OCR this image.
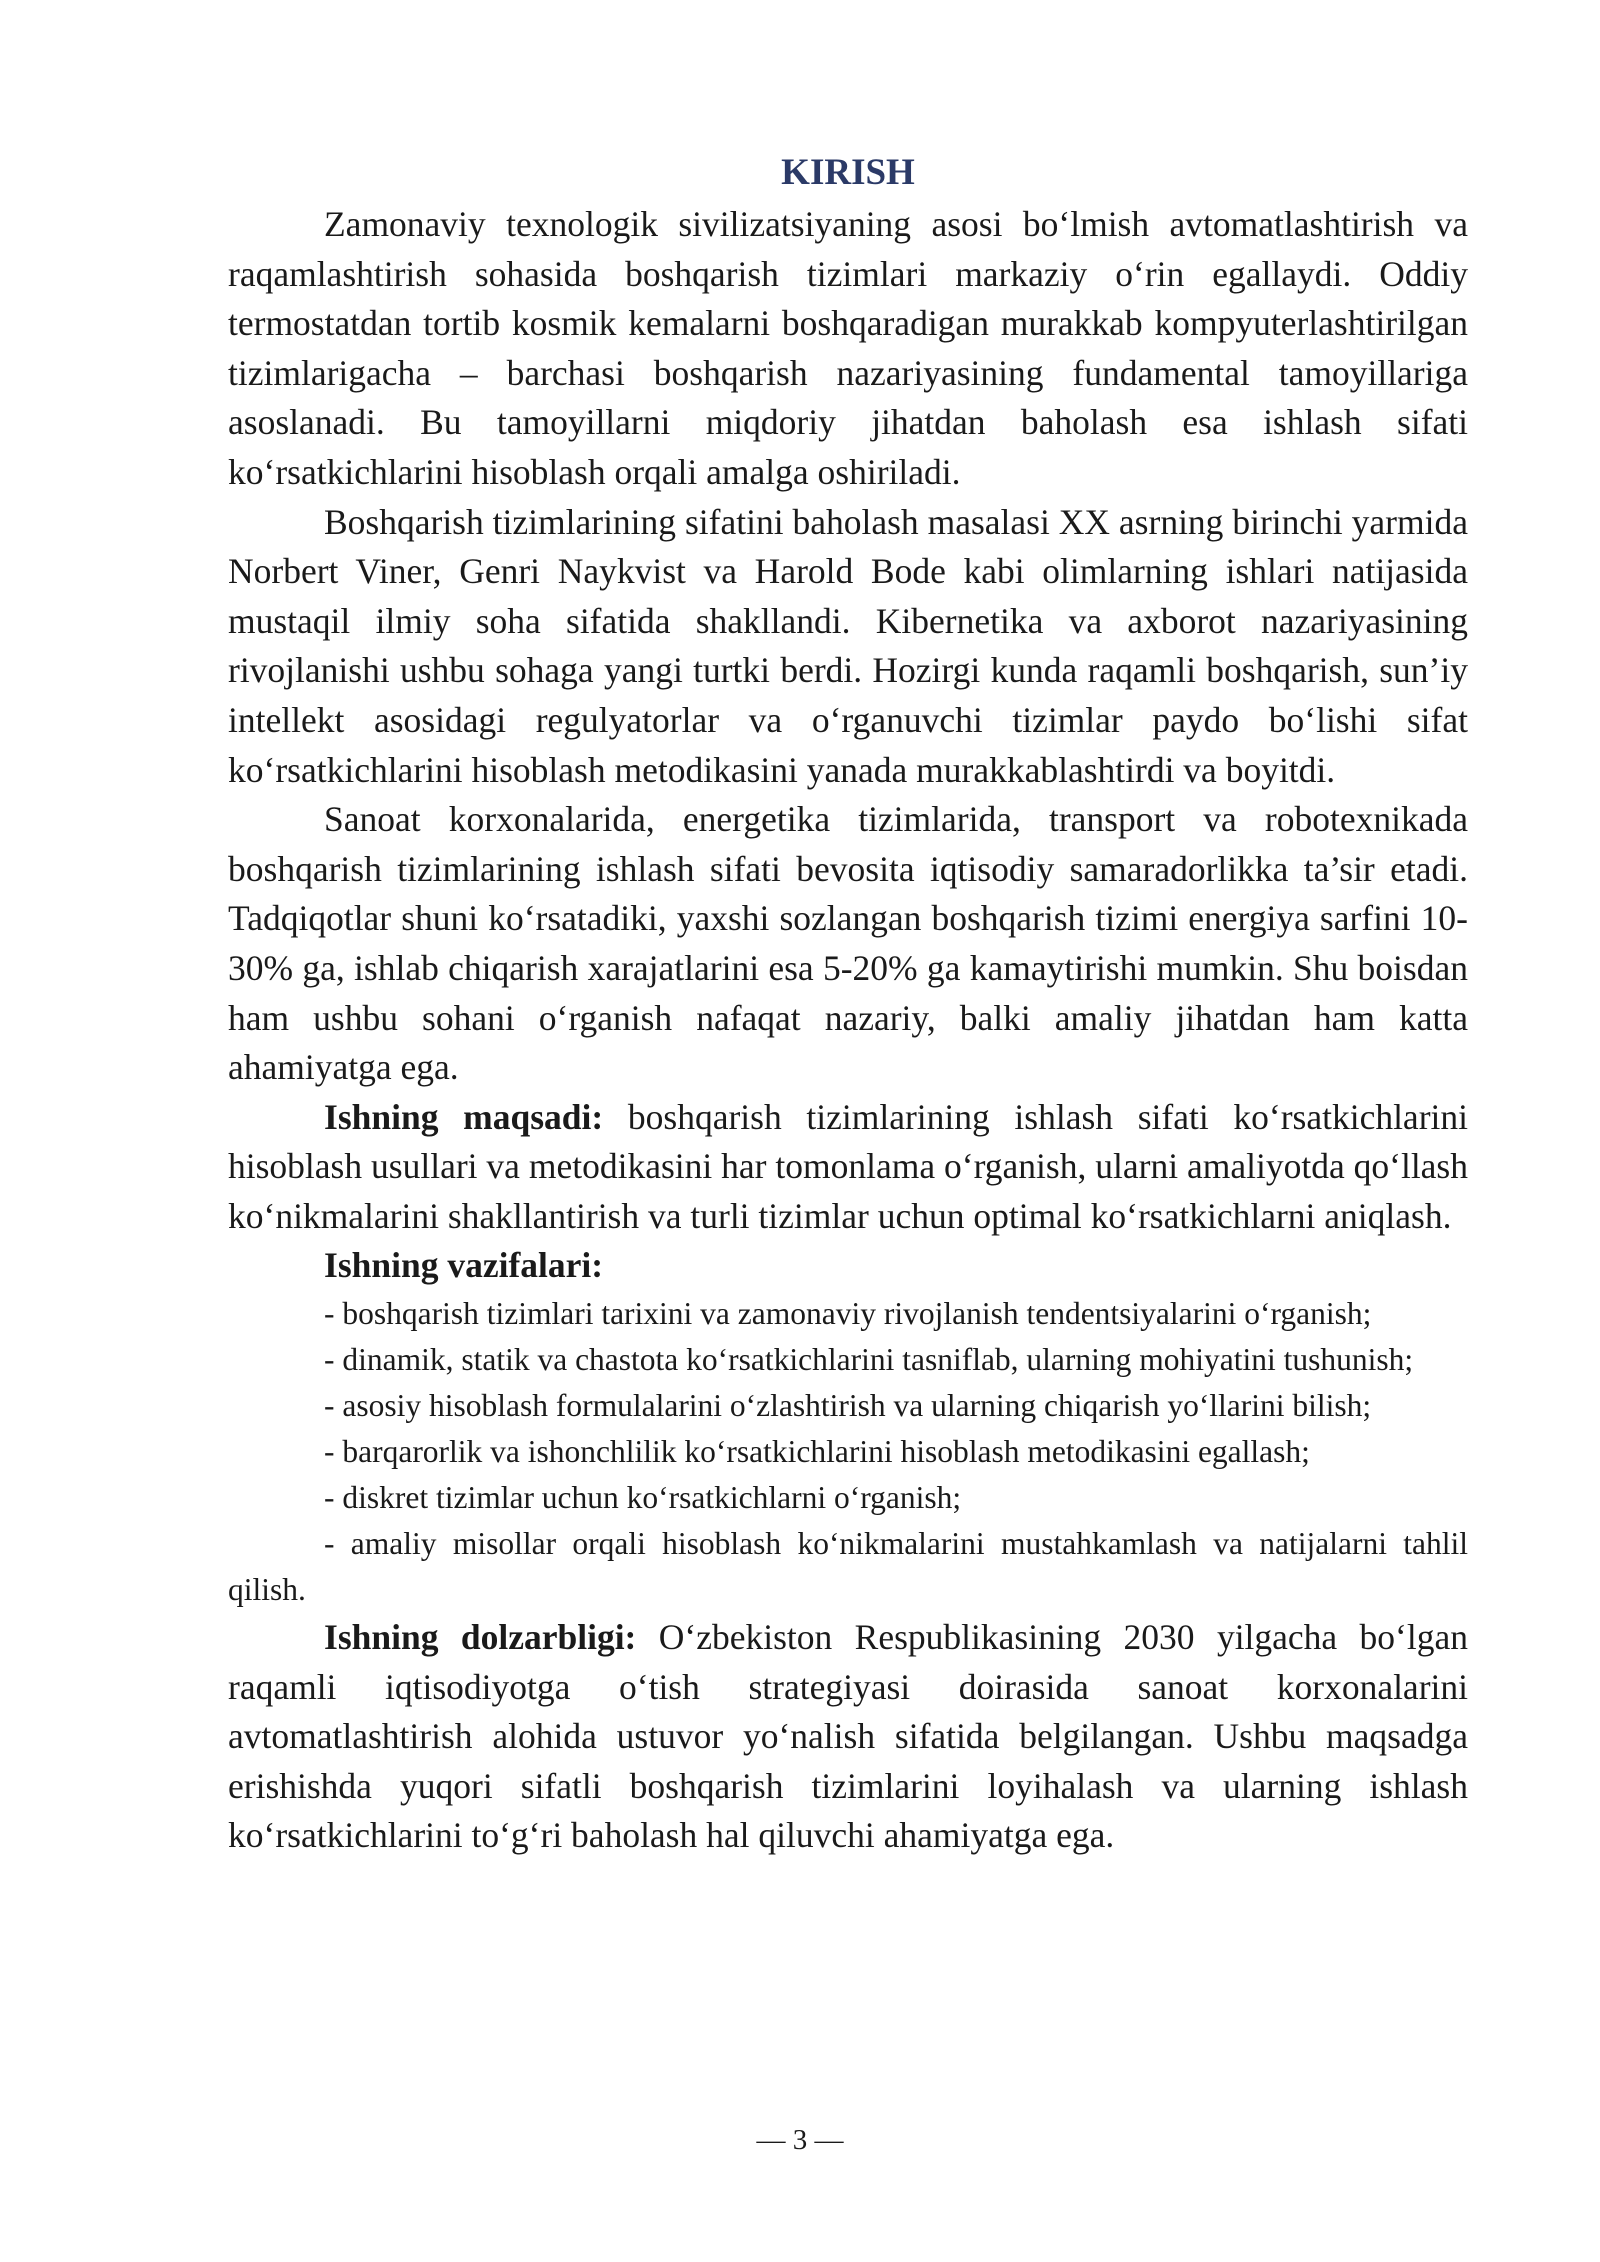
KIRISH

Zamonaviy texnologik sivilizatsiyaning asosi bo‘lmish avtomatlashtirish va raqamlashtirish sohasida boshqarish tizimlari markaziy o‘rin egallaydi. Oddiy termostatdan tortib kosmik kemalarni boshqaradigan murakkab kompyuterlashtirilgan tizimlarigacha – barchasi boshqarish nazariyasining fundamental tamoyillariga asoslanadi. Bu tamoyillarni miqdoriy jihatdan baholash esa ishlash sifati ko‘rsatkichlarini hisoblash orqali amalga oshiriladi.

Boshqarish tizimlarining sifatini baholash masalasi XX asrning birinchi yarmida Norbert Viner, Genri Naykvist va Harold Bode kabi olimlarning ishlari natijasida mustaqil ilmiy soha sifatida shakllandi. Kibernetika va axborot nazariyasining rivojlanishi ushbu sohaga yangi turtki berdi. Hozirgi kunda raqamli boshqarish, sun’iy intellekt asosidagi regulyatorlar va o‘rganuvchi tizimlar paydo bo‘lishi sifat ko‘rsatkichlarini hisoblash metodikasini yanada murakkablashtirdi va boyitdi.

Sanoat korxonalarida, energetika tizimlarida, transport va robotexnikada boshqarish tizimlarining ishlash sifati bevosita iqtisodiy samaradorlikka ta’sir etadi. Tadqiqotlar shuni ko‘rsatadiki, yaxshi sozlangan boshqarish tizimi energiya sarfini 10-30% ga, ishlab chiqarish xarajatlarini esa 5-20% ga kamaytirishi mumkin. Shu boisdan ham ushbu sohani o‘rganish nafaqat nazariy, balki amaliy jihatdan ham katta ahamiyatga ega.

Ishning maqsadi: boshqarish tizimlarining ishlash sifati ko‘rsatkichlarini hisoblash usullari va metodikasini har tomonlama o‘rganish, ularni amaliyotda qo‘llash ko‘nikmalarini shakllantirish va turli tizimlar uchun optimal ko‘rsatkichlarni aniqlash.

Ishning vazifalari:

- boshqarish tizimlari tarixini va zamonaviy rivojlanish tendentsiyalarini o‘rganish;

- dinamik, statik va chastota ko‘rsatkichlarini tasniflab, ularning mohiyatini tushunish;

- asosiy hisoblash formulalarini o‘zlashtirish va ularning chiqarish yo‘llarini bilish;

- barqarorlik va ishonchlilik ko‘rsatkichlarini hisoblash metodikasini egallash;

- diskret tizimlar uchun ko‘rsatkichlarni o‘rganish;

- amaliy misollar orqali hisoblash ko‘nikmalarini mustahkamlash va natijalarni tahlil qilish.

Ishning dolzarbligi: O‘zbekiston Respublikasining 2030 yilgacha bo‘lgan raqamli iqtisodiyotga o‘tish strategiyasi doirasida sanoat korxonalarini avtomatlashtirish alohida ustuvor yo‘nalish sifatida belgilangan. Ushbu maqsadga erishishda yuqori sifatli boshqarish tizimlarini loyihalash va ularning ishlash ko‘rsatkichlarini to‘g‘ri baholash hal qiluvchi ahamiyatga ega.

— 3 —
